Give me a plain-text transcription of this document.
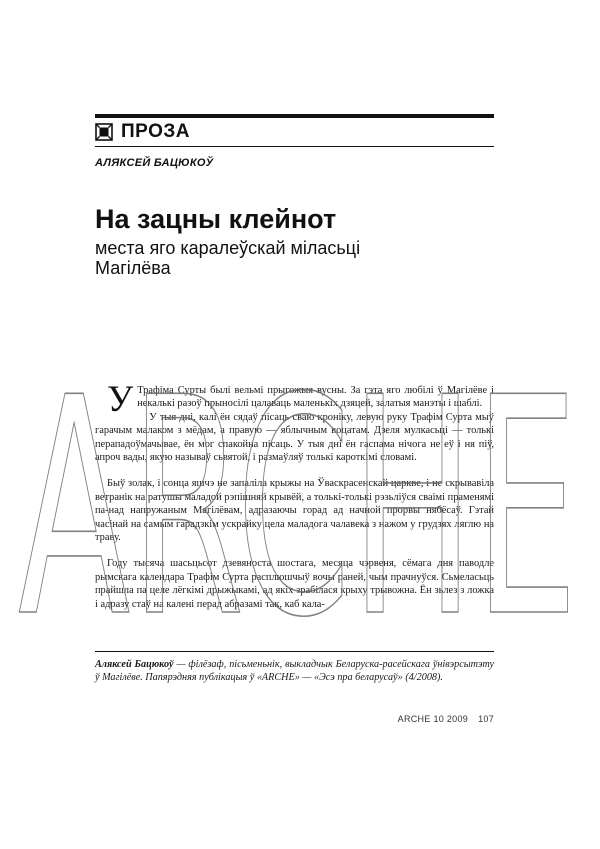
ПРОЗА
АЛЯКСЕЙ БАЦЮКОЎ
На зацны клейнот
места яго каралеўскай міласьці Магілёва

У Трафіма Сурты былі вельмі прыгожыя вусны. За гэта яго любілі ў Магілёве і некалькі разоў прыносілі цалаваць маленькіх дзяцей, залатыя манэты і шаблі.

У тыя дні, калі ён сядаў пісаць сваю кроніку, левую руку Трафім Сурта мыў гарачым малаком з мёдам, а правую — яблычным воцатам. Дзеля мулкасьці — толькі перападоўмачывае, ён мог спакойна пісаць. У тыя дні ён гаспама нічога не еў і ня піў, апроч вады, якую называў сьвятой, і размаўляў толькі кароткімі словамі.

Быў золак, і сонца яшчэ не запаліла крыжы на Ўваскрасенскай царкве, і не скрывавіла ветранік на ратушы маладой рэпішняй крывёй, а толькі-толькі рэзьліўся сваімі праменямі па-над напружаным Магілёвам, адразаючы горад ад начной прорвы нябёсаў. Гэтай часінай на самым гарадзкім ускрайку цела маладога чалавека з нажом у грудзях ляглю на траву.

Году тысяча шасьцьсот дзевяноста шостага, месяца чэрвеня, сёмага дня паводле рымскага календара Трафім Сурта расплюшчыў вочы раней, чым прачнуўся. Сьмеласьць прайшла па целе лёгкімі дрыжыкамі, ад якіх зрабілася крыху трывожна. Ён зьлез з ложка і адразу стаў на калені перад абразамі так, каб кала-

Аляксей Бацюкоў — філёзаф, пісьменьнік, выкладчык Беларуска-расейскага ўнівэрсытэту ў Магілёве. Папярэдняя публікацыя ў «ARCHE» — «Эсэ пра беларусаў» (4/2008).
ARCHE 10 2009 107
ARCHE
